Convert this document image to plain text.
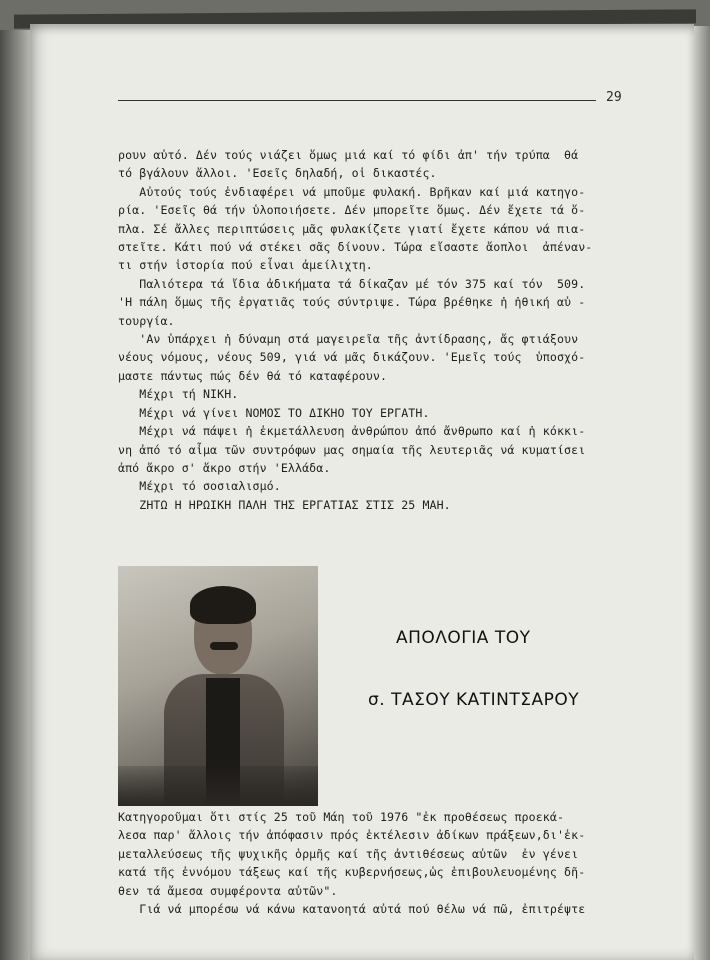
29

ρουν αὐτό. Δέν τούς νιάζει ὅμως μιά καί τό φίδι ἀπ' τήν τρύπα  θά

τό βγάλουν ἄλλοι. 'Εσεῖς δηλαδή, οἱ δικαστές.

Αὐτούς τούς ἐνδιαφέρει νά μποῦμε φυλακή. Βρῆκαν καί μιά κατηγο-

ρία. 'Εσεῖς θά τήν ὑλοποιήσετε. Δέν μπορεῖτε ὅμως. Δέν ἔχετε τά ὅ-

πλα. Σέ ἄλλες περιπτώσεις μᾶς φυλακίζετε γιατί ἔχετε κάπου νά πια-

στεῖτε. Κάτι πού νά στέκει σᾶς δίνουν. Τώρα εἴσαστε ἄοπλοι  ἀπέναν-

τι στήν ἱστορία πού εἶναι ἀμείλιχτη.

Παλιότερα τά ἴδια ἀδικήματα τά δίκαζαν μέ τόν 375 καί τόν  509.

'Η πάλη ὅμως τῆς ἐργατιᾶς τούς σύντριψε. Τώρα βρέθηκε ἡ ἠθική αὐ -

τουργία.

'Αν ὑπάρχει ἡ δύναμη στά μαγειρεῖα τῆς ἀντίδρασης, ἄς φτιάξουν

νέους νόμους, νέους 509, γιά νά μᾶς δικάζουν. 'Εμεῖς τούς  ὑποσχό-

μαστε πάντως πώς δέν θά τό καταφέρουν.

Μέχρι τή ΝΙΚΗ.

Μέχρι νά γίνει ΝΟΜΟΣ ΤΟ ΔΙΚΗΟ ΤΟΥ ΕΡΓΑΤΗ.

Μέχρι νά πάψει ἡ ἐκμετάλλευση ἀνθρώπου ἀπό ἄνθρωπο καί ἡ κόκκι-

νη ἀπό τό αἷμα τῶν συντρόφων μας σημαία τῆς λευτεριᾶς νά κυματίσει

ἀπό ἄκρο σ' ἄκρο στήν 'Ελλάδα.

Μέχρι τό σοσιαλισμό.

ΖΗΤΩ Η ΗΡΩΙΚΗ ΠΑΛΗ ΤΗΣ ΕΡΓΑΤΙΑΣ ΣΤΙΣ 25 ΜΑΗ.

ΑΠΟΛΟΓΙΑ ΤΟΥ
σ. ΤΑΣΟΥ ΚΑΤΙΝΤΣΑΡΟΥ

Κατηγοροῦμαι ὅτι στίς 25 τοῦ Μάη τοῦ 1976 "ἐκ προθέσεως προεκά-

λεσα παρ' ἄλλοις τήν ἀπόφασιν πρός ἐκτέλεσιν ἀδίκων πράξεων,δι'ἐκ-

μεταλλεύσεως τῆς ψυχικῆς ὁρμῆς καί τῆς ἀντιθέσεως αὐτῶν  ἐν γένει

κατά τῆς ἐννόμου τάξεως καί τῆς κυβερνήσεως,ὡς ἐπιβουλευομένης δῆ-

θεν τά ἄμεσα συμφέροντα αὐτῶν".

Γιά νά μπορέσω νά κάνω κατανοητά αὐτά πού θέλω νά πῶ, ἐπιτρέψτε
